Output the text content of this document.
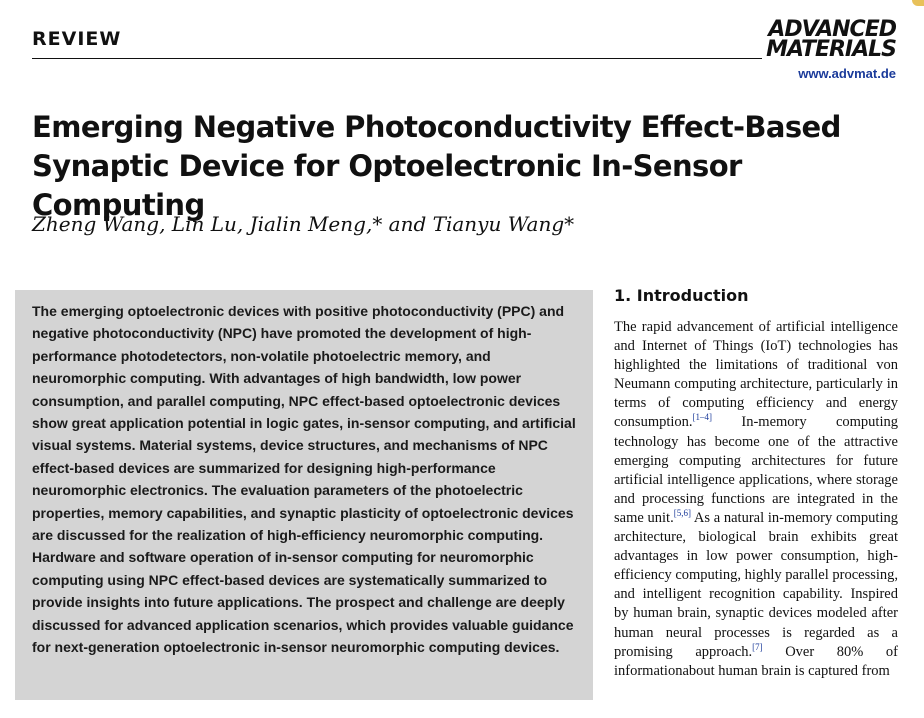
REVIEW	ADVANCED
MATERIALS
www.advmat.de
Emerging Negative Photoconductivity Effect-Based Synaptic Device for Optoelectronic In-Sensor Computing
Zheng Wang, Lin Lu, Jialin Meng,* and Tianyu Wang*

The emerging optoelectronic devices with positive photoconductivity (PPC) and negative photoconductivity (NPC) have promoted the development of high-performance photodetectors, non-volatile photoelectric memory, and neuromorphic computing. With advantages of high bandwidth, low power consumption, and parallel computing, NPC effect-based optoelectronic devices show great application potential in logic gates, in-sensor computing, and artificial visual systems. Material systems, device structures, and mechanisms of NPC effect-based devices are summarized for designing high-performance neuromorphic electronics. The evaluation parameters of the photoelectric properties, memory capabilities, and synaptic plasticity of optoelectronic devices are discussed for the realization of high-efficiency neuromorphic computing. Hardware and software operation of in-sensor computing for neuromorphic computing using NPC effect-based devices are systematically summarized to provide insights into future applications. The prospect and challenge are deeply discussed for advanced application scenarios, which provides valuable guidance for next-generation optoelectronic in-sensor neuromorphic computing devices.

1. Introduction

The rapid advancement of artificial intelligence and Internet of Things (IoT) technologies has highlighted the limitations of traditional von Neumann computing architecture, particularly in terms of computing efficiency and energy consumption.[1–4] In-memory computing technology has become one of the attractive emerging computing architectures for future artificial intelligence applications, where storage and processing functions are integrated in the same unit.[5,6] As a natural in-memory computing architecture, biological brain exhibits great advantages in low power consumption, high-efficiency computing, highly parallel processing, and intelligent recognition capability. Inspired by human brain, synaptic devices modeled after human neural processes is regarded as a promising approach.[7] Over 80% of informationabout human brain is captured from
